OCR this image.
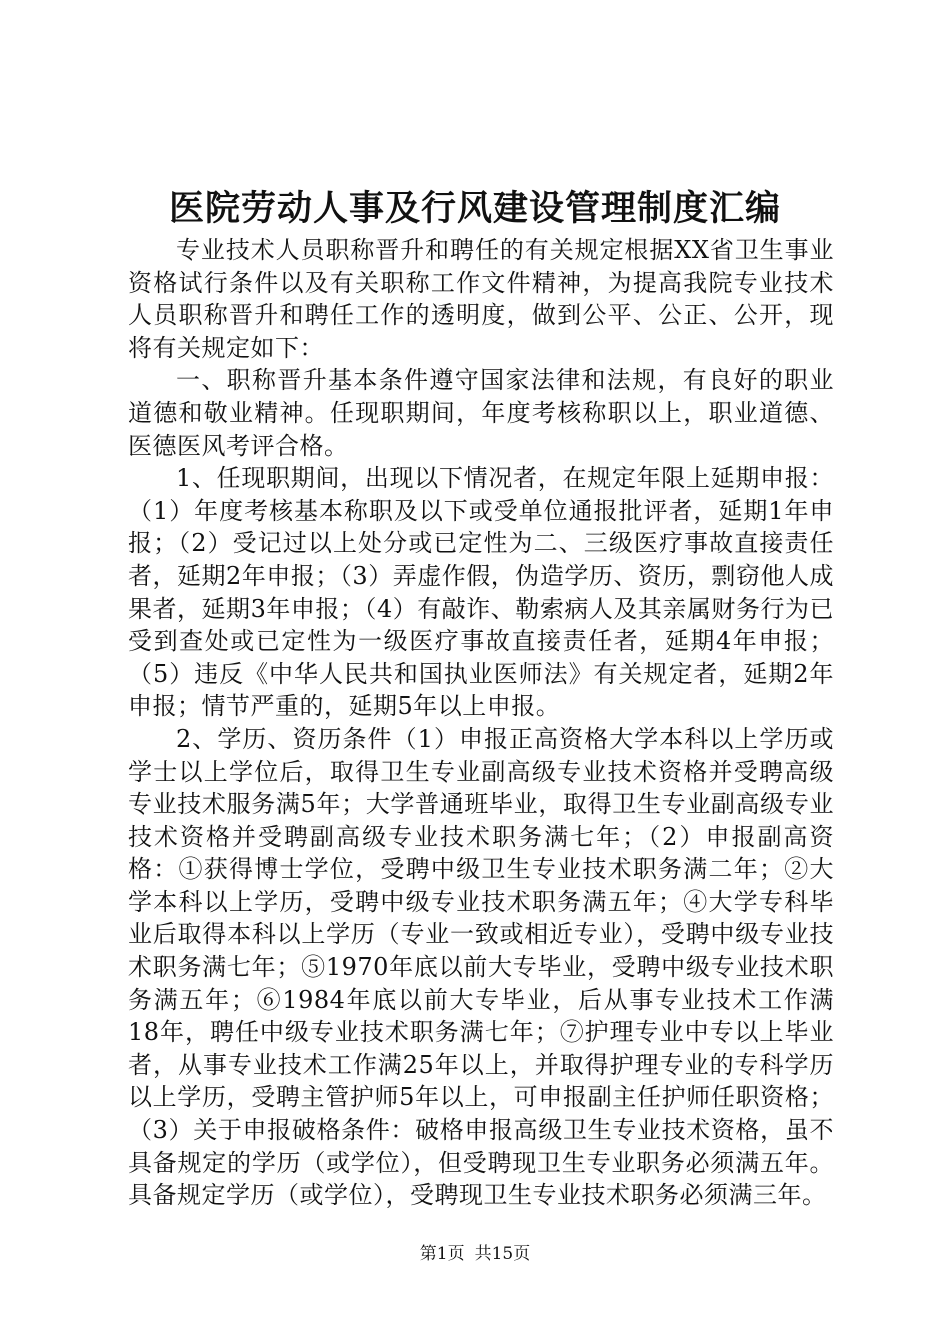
医院劳动人事及行风建设管理制度汇编

专业技术人员职称晋升和聘任的有关规定根据XX省卫生事业资格试行条件以及有关职称工作文件精神，为提高我院专业技术人员职称晋升和聘任工作的透明度，做到公平、公正、公开，现将有关规定如下：

一、职称晋升基本条件遵守国家法律和法规，有良好的职业道德和敬业精神。任现职期间，年度考核称职以上，职业道德、医德医风考评合格。

1、任现职期间，出现以下情况者，在规定年限上延期申报：（1）年度考核基本称职及以下或受单位通报批评者，延期1年申报；（2）受记过以上处分或已定性为二、三级医疗事故直接责任者，延期2年申报；（3）弄虚作假，伪造学历、资历，剽窃他人成果者，延期3年申报；（4）有敲诈、勒索病人及其亲属财务行为已受到查处或已定性为一级医疗事故直接责任者，延期4年申报；（5）违反《中华人民共和国执业医师法》有关规定者，延期2年申报；情节严重的，延期5年以上申报。

2、学历、资历条件（1）申报正高资格大学本科以上学历或学士以上学位后，取得卫生专业副高级专业技术资格并受聘高级专业技术服务满5年；大学普通班毕业，取得卫生专业副高级专业技术资格并受聘副高级专业技术职务满七年；（2）申报副高资格：①获得博士学位，受聘中级卫生专业技术职务满二年；②大学本科以上学历，受聘中级专业技术职务满五年；④大学专科毕业后取得本科以上学历（专业一致或相近专业），受聘中级专业技术职务满七年；⑤1970年底以前大专毕业，受聘中级专业技术职务满五年；⑥1984年底以前大专毕业，后从事专业技术工作满18年，聘任中级专业技术职务满七年；⑦护理专业中专以上毕业者，从事专业技术工作满25年以上，并取得护理专业的专科学历以上学历，受聘主管护师5年以上，可申报副主任护师任职资格；（3）关于申报破格条件：破格申报高级卫生专业技术资格，虽不具备规定的学历（或学位），但受聘现卫生专业职务必须满五年。具备规定学历（或学位），受聘现卫生专业技术职务必须满三年。

第1页 共15页
